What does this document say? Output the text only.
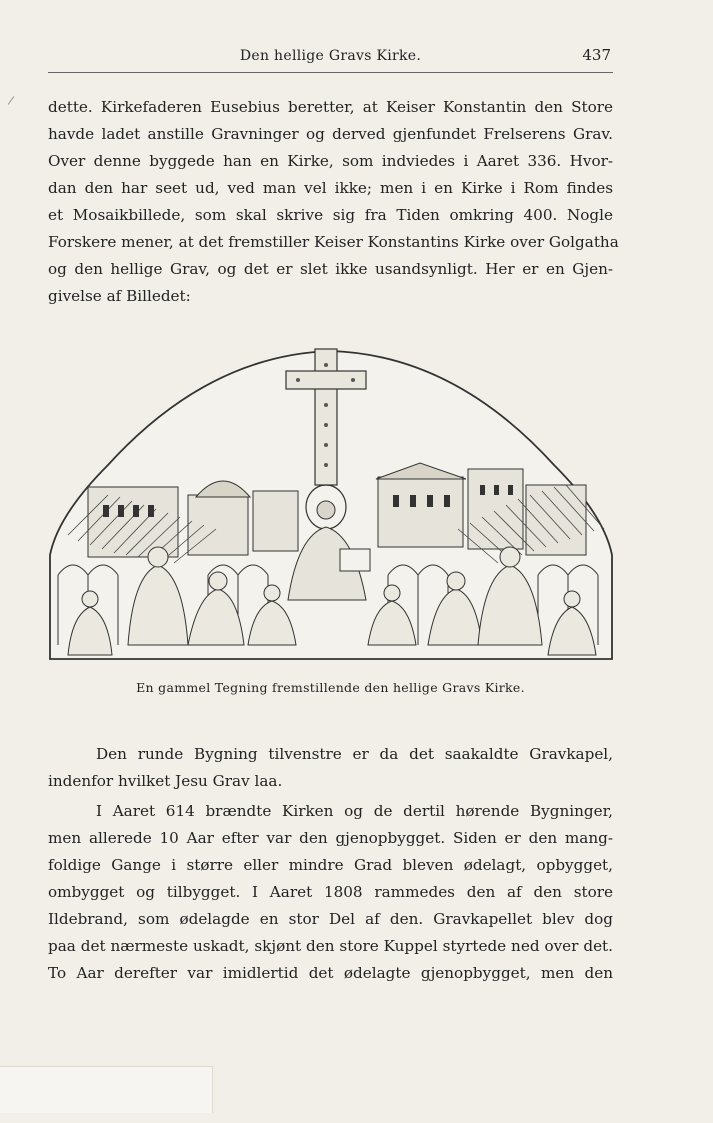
Den hellige Gravs Kirke.	437

dette. Kirkefaderen Eusebius beretter, at Keiser Konstantin den Store
havde ladet anstille Gravninger og derved gjenfundet Frelserens Grav.
Over denne byggede han en Kirke, som indviedes i Aaret 336. Hvor-
dan den har seet ud, ved man vel ikke; men i en Kirke i Rom findes
et Mosaikbillede, som skal skrive sig fra Tiden omkring 400. Nogle
Forskere mener, at det fremstiller Keiser Konstantins Kirke over Golgatha
og den hellige Grav, og det er slet ikke usandsynligt. Her er en Gjen-
givelse af Billedet:

En gammel Tegning fremstillende den hellige Gravs Kirke.

Den runde Bygning tilvenstre er da det saakaldte Gravkapel,
indenfor hvilket Jesu Grav laa.

I Aaret 614 brændte Kirken og de dertil hørende Bygninger,
men allerede 10 Aar efter var den gjenopbygget. Siden er den mang-
foldige Gange i større eller mindre Grad bleven ødelagt, opbygget,
ombygget og tilbygget. I Aaret 1808 rammedes den af den store
Ildebrand, som ødelagde en stor Del af den. Gravkapellet blev dog
paa det nærmeste uskadt, skjønt den store Kuppel styrtede ned over det.
To Aar derefter var imidlertid det ødelagte gjenopbygget, men den
